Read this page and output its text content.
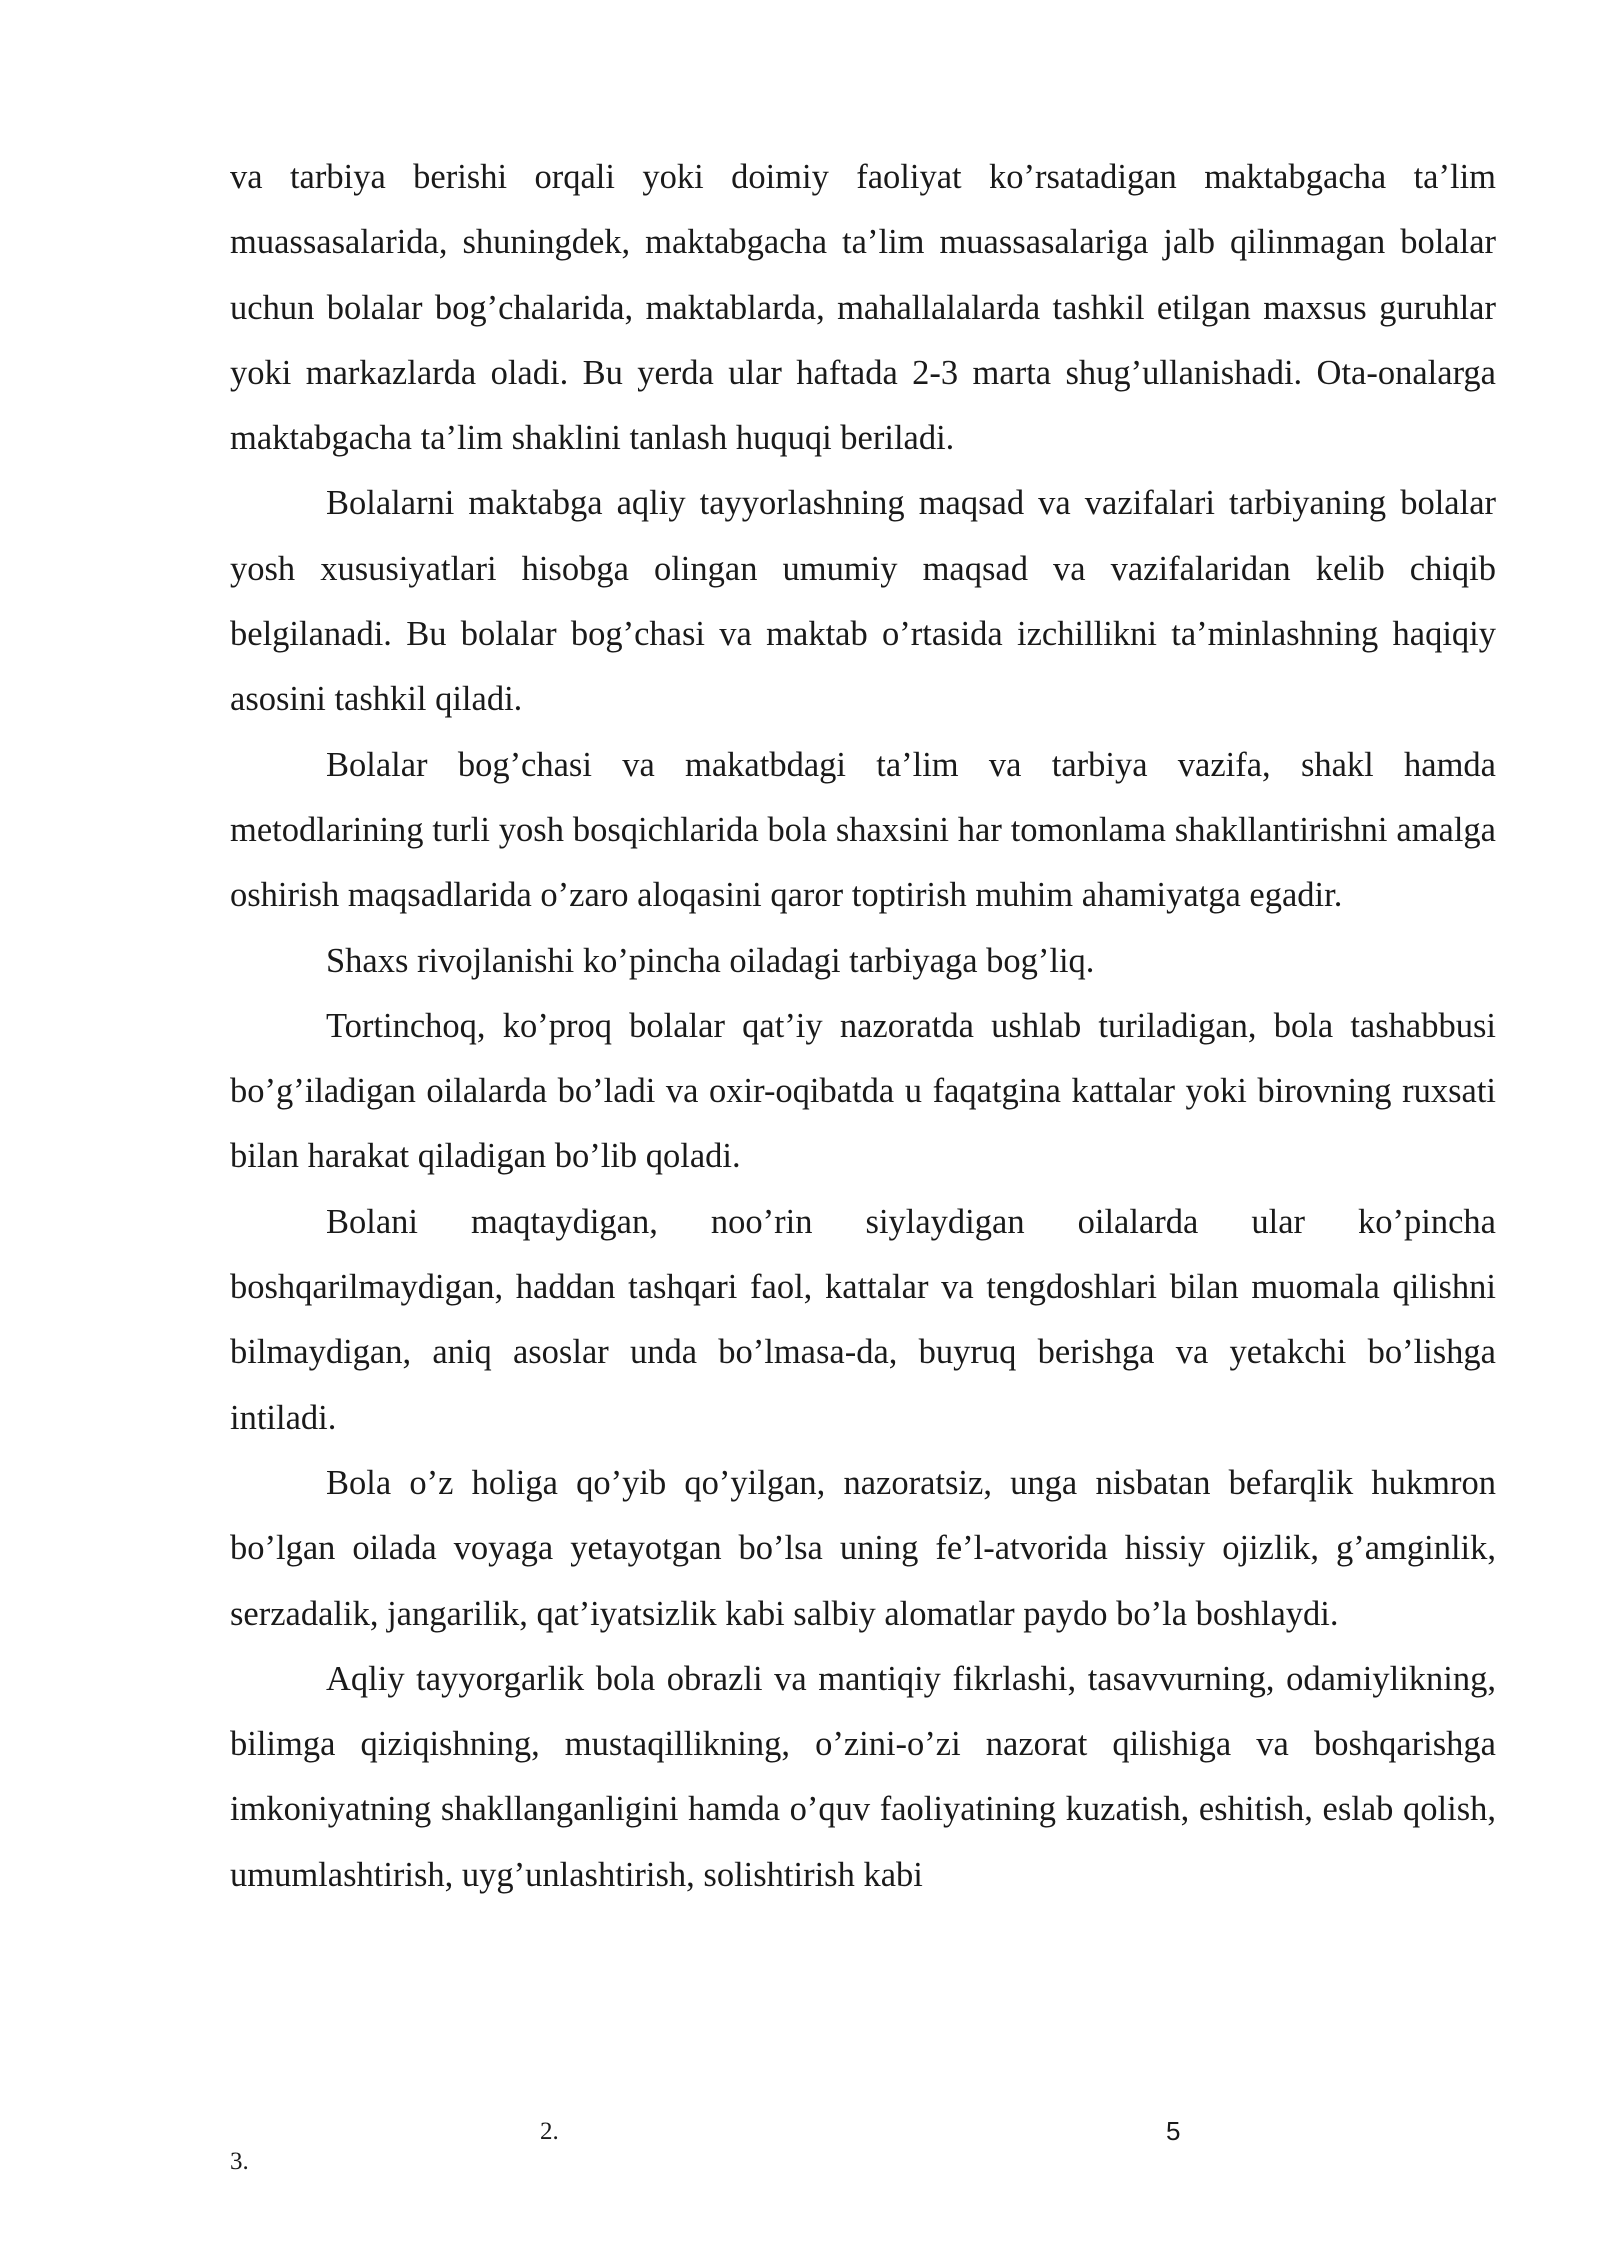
va tarbiya berishi orqali yoki doimiy faoliyat ko’rsatadigan maktabgacha ta’lim muassasalarida, shuningdek, maktabgacha ta’lim muassasalariga jalb qilinmagan bolalar uchun bolalar bog’chalarida, maktablarda, mahallalalarda tashkil etilgan maxsus guruhlar yoki markazlarda oladi. Bu yerda ular haftada 2-3 marta shug’ullanishadi. Ota-onalarga maktabgacha ta’lim shaklini tanlash huquqi beriladi.

Bolalarni maktabga aqliy tayyorlashning maqsad va vazifalari tarbiyaning bolalar yosh xususiyatlari hisobga olingan umumiy maqsad va vazifalaridan kelib chiqib belgilanadi. Bu bolalar bog’chasi va maktab o’rtasida izchillikni ta’minlashning haqiqiy asosini tashkil qiladi.

Bolalar bog’chasi va makatbdagi ta’lim va tarbiya vazifa, shakl hamda metodlarining turli yosh bosqichlarida bola shaxsini har tomonlama shakllantirishni amalga oshirish maqsadlarida o’zaro aloqasini qaror toptirish muhim ahamiyatga egadir.

Shaxs rivojlanishi ko’pincha oiladagi tarbiyaga bog’liq.

Tortinchoq, ko’proq bolalar qat’iy nazoratda ushlab turiladigan, bola tashabbusi bo’g’iladigan oilalarda bo’ladi va oxir-oqibatda u faqatgina kattalar yoki birovning ruxsati bilan harakat qiladigan bo’lib qoladi.

Bolani maqtaydigan, noo’rin siylaydigan oilalarda ular ko’pincha boshqarilmaydigan, haddan tashqari faol, kattalar va tengdoshlari bilan muomala qilishni bilmaydigan, aniq asoslar unda bo’lmasa-da, buyruq berishga va yetakchi bo’lishga intiladi.

Bola o’z holiga qo’yib qo’yilgan, nazoratsiz, unga nisbatan befarqlik hukmron bo’lgan oilada voyaga yetayotgan bo’lsa uning fe’l-atvorida hissiy ojizlik, g’amginlik, serzadalik, jangarilik, qat’iyatsizlik kabi salbiy alomatlar paydo bo’la boshlaydi.

Aqliy tayyorgarlik bola obrazli va mantiqiy fikrlashi, tasavvurning, odamiylikning, bilimga qiziqishning, mustaqillikning, o’zini-o’zi nazorat qilishiga va boshqarishga imkoniyatning shakllanganligini hamda o’quv faoliyatining kuzatish, eshitish, eslab qolish, umumlashtirish, uyg’unlashtirish, solishtirish kabi

2.
3.
5
